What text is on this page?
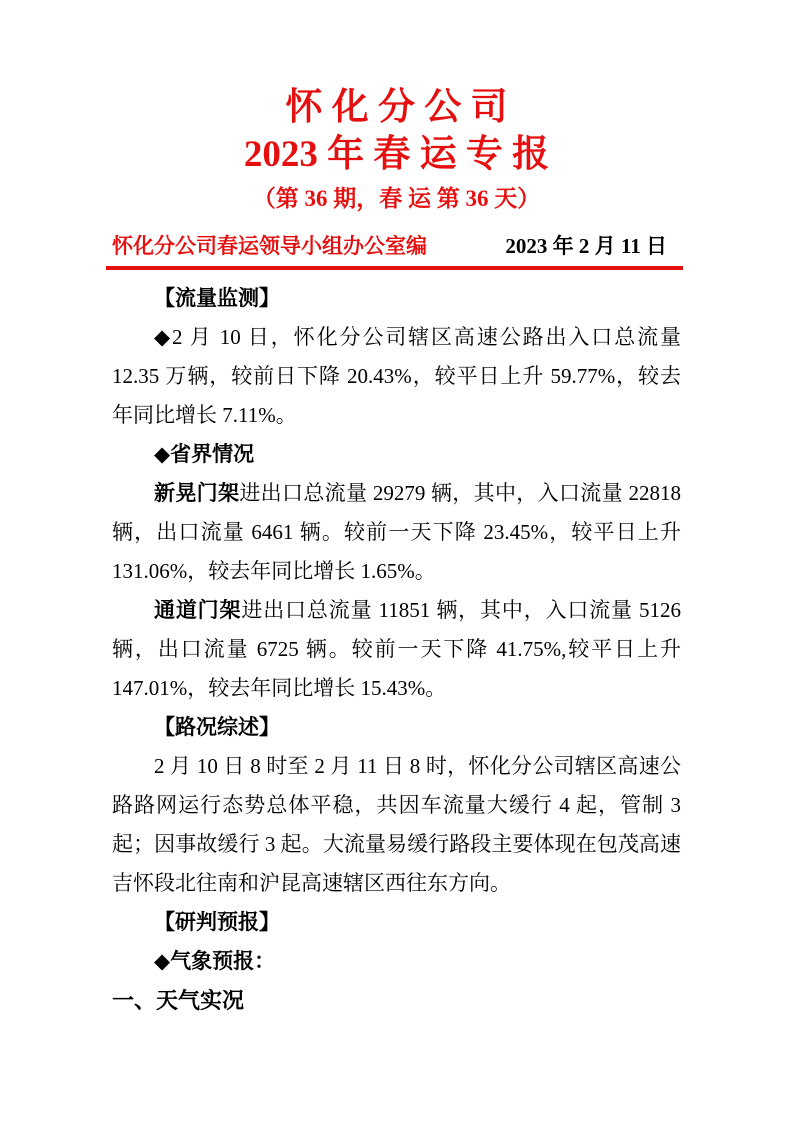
怀 化 分 公 司
2023 年 春 运 专 报
（第 36 期，春 运 第 36 天）
怀化分公司春运领导小组办公室编	2023 年 2 月 11 日

【流量监测】

◆2 月 10 日，怀化分公司辖区高速公路出入口总流量 12.35 万辆，较前日下降 20.43%，较平日上升 59.77%，较去年同比增长 7.11%。

◆省界情况

新晃门架进出口总流量 29279 辆，其中，入口流量 22818 辆，出口流量 6461 辆。较前一天下降 23.45%，较平日上升 131.06%，较去年同比增长 1.65%。

通道门架进出口总流量 11851 辆，其中，入口流量 5126 辆，出口流量 6725 辆。较前一天下降 41.75%,较平日上升 147.01%，较去年同比增长 15.43%。

【路况综述】

2 月 10 日 8 时至 2 月 11 日 8 时，怀化分公司辖区高速公路路网运行态势总体平稳，共因车流量大缓行 4 起，管制 3 起；因事故缓行 3 起。大流量易缓行路段主要体现在包茂高速吉怀段北往南和沪昆高速辖区西往东方向。

【研判预报】

◆气象预报：

一、天气实况
